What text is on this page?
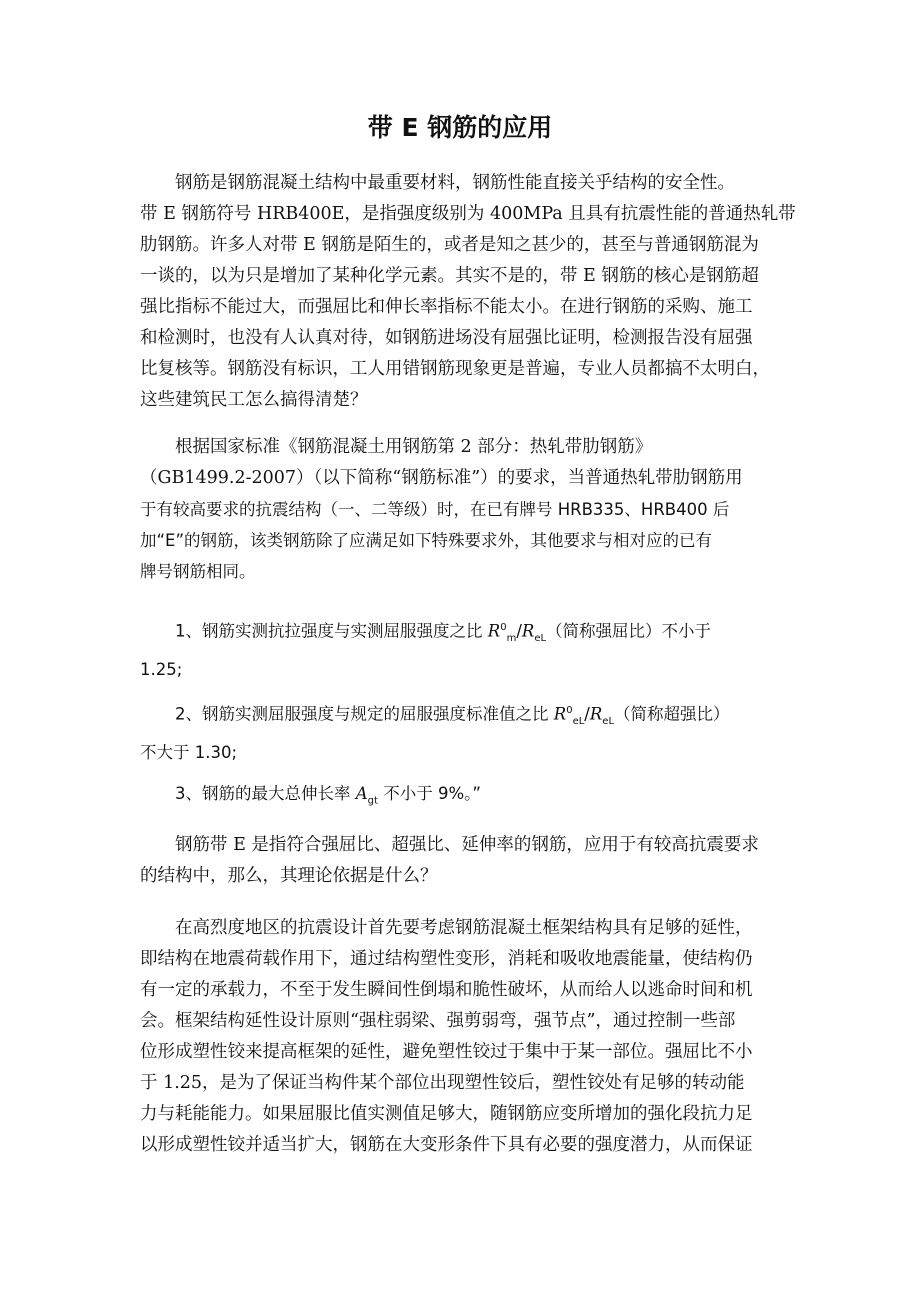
带 E 钢筋的应用
钢筋是钢筋混凝土结构中最重要材料，钢筋性能直接关乎结构的安全性。
带 E 钢筋符号 HRB400E，是指强度级别为 400MPa 且具有抗震性能的普通热轧带
肋钢筋。许多人对带 E 钢筋是陌生的，或者是知之甚少的，甚至与普通钢筋混为
一谈的，以为只是增加了某种化学元素。其实不是的，带 E 钢筋的核心是钢筋超
强比指标不能过大，而强屈比和伸长率指标不能太小。在进行钢筋的采购、施工
和检测时，也没有人认真对待，如钢筋进场没有屈强比证明，检测报告没有屈强
比复核等。钢筋没有标识，工人用错钢筋现象更是普遍，专业人员都搞不太明白，
这些建筑民工怎么搞得清楚？
根据国家标准《钢筋混凝土用钢筋第 2 部分：热轧带肋钢筋》
（GB1499.2-2007）（以下简称“钢筋标准”）的要求，当普通热轧带肋钢筋用
于有较高要求的抗震结构（一、二等级）时，在已有牌号 HRB335、HRB400 后
加“E”的钢筋，该类钢筋除了应满足如下特殊要求外，其他要求与相对应的已有
牌号钢筋相同。
1、钢筋实测抗拉强度与实测屈服强度之比 $R^0_m/R_{eL}$（简称强屈比）不小于
1.25;
2、钢筋实测屈服强度与规定的屈服强度标准值之比 $R^0_{eL}/R_{eL}$（简称超强比）
不大于 1.30;
3、钢筋的最大总伸长率 $A_{gt}$ 不小于 9%。”
钢筋带 E 是指符合强屈比、超强比、延伸率的钢筋，应用于有较高抗震要求
的结构中，那么，其理论依据是什么？
在高烈度地区的抗震设计首先要考虑钢筋混凝土框架结构具有足够的延性，
即结构在地震荷载作用下，通过结构塑性变形，消耗和吸收地震能量，使结构仍
有一定的承载力，不至于发生瞬间性倒塌和脆性破坏，从而给人以逃命时间和机
会。框架结构延性设计原则“强柱弱梁、强剪弱弯，强节点”，通过控制一些部
位形成塑性铰来提高框架的延性，避免塑性铰过于集中于某一部位。强屈比不小
于 1.25，是为了保证当构件某个部位出现塑性铰后，塑性铰处有足够的转动能
力与耗能能力。如果屈服比值实测值足够大，随钢筋应变所增加的强化段抗力足
以形成塑性铰并适当扩大，钢筋在大变形条件下具有必要的强度潜力，从而保证
